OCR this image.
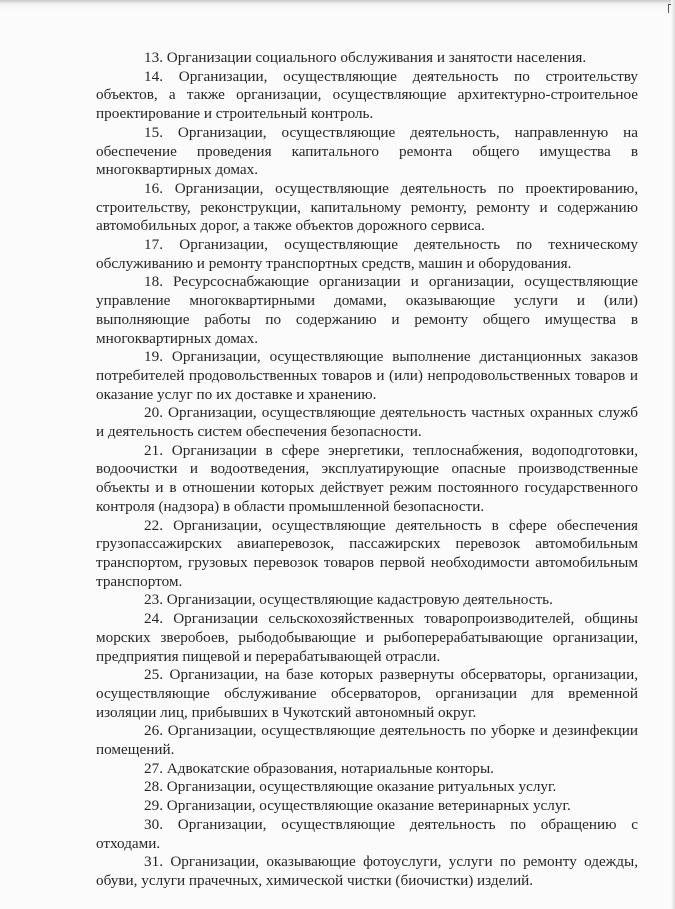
13. Организации социального обслуживания и занятости населения.

14. Организации, осуществляющие деятельность по строительству объектов, а также организации, осуществляющие архитектурно-строительное проектирование и строительный контроль.

15. Организации, осуществляющие деятельность, направленную на обеспечение проведения капитального ремонта общего имущества в многоквартирных домах.

16. Организации, осуществляющие деятельность по проектированию, строительству, реконструкции, капитальному ремонту, ремонту и содержанию автомобильных дорог, а также объектов дорожного сервиса.

17. Организации, осуществляющие деятельность по техническому обслуживанию и ремонту транспортных средств, машин и оборудования.

18. Ресурсоснабжающие организации и организации, осуществляющие управление многоквартирными домами, оказывающие услуги и (или) выполняющие работы по содержанию и ремонту общего имущества в многоквартирных домах.

19. Организации, осуществляющие выполнение дистанционных заказов потребителей продовольственных товаров и (или) непродовольственных товаров и оказание услуг по их доставке и хранению.

20. Организации, осуществляющие деятельность частных охранных служб и деятельность систем обеспечения безопасности.

21. Организации в сфере энергетики, теплоснабжения, водоподготовки, водоочистки и водоотведения, эксплуатирующие опасные производственные объекты и в отношении которых действует режим постоянного государственного контроля (надзора) в области промышленной безопасности.

22. Организации, осуществляющие деятельность в сфере обеспечения грузопассажирских авиаперевозок, пассажирских перевозок автомобильным транспортом, грузовых перевозок товаров первой необходимости автомобильным транспортом.

23. Организации, осуществляющие кадастровую деятельность.

24. Организации сельскохозяйственных товаропроизводителей, общины морских зверобоев, рыбодобывающие и рыбоперерабатывающие организации, предприятия пищевой и перерабатывающей отрасли.

25. Организации, на базе которых развернуты обсерваторы, организации, осуществляющие обслуживание обсерваторов, организации для временной изоляции лиц, прибывших в Чукотский автономный округ.

26. Организации, осуществляющие деятельность по уборке и дезинфекции помещений.

27. Адвокатские образования, нотариальные конторы.

28. Организации, осуществляющие оказание ритуальных услуг.

29. Организации, осуществляющие оказание ветеринарных услуг.

30. Организации, осуществляющие деятельность по обращению с отходами.

31. Организации, оказывающие фотоуслуги, услуги по ремонту одежды, обуви, услуги прачечных, химической чистки (биочистки) изделий.
